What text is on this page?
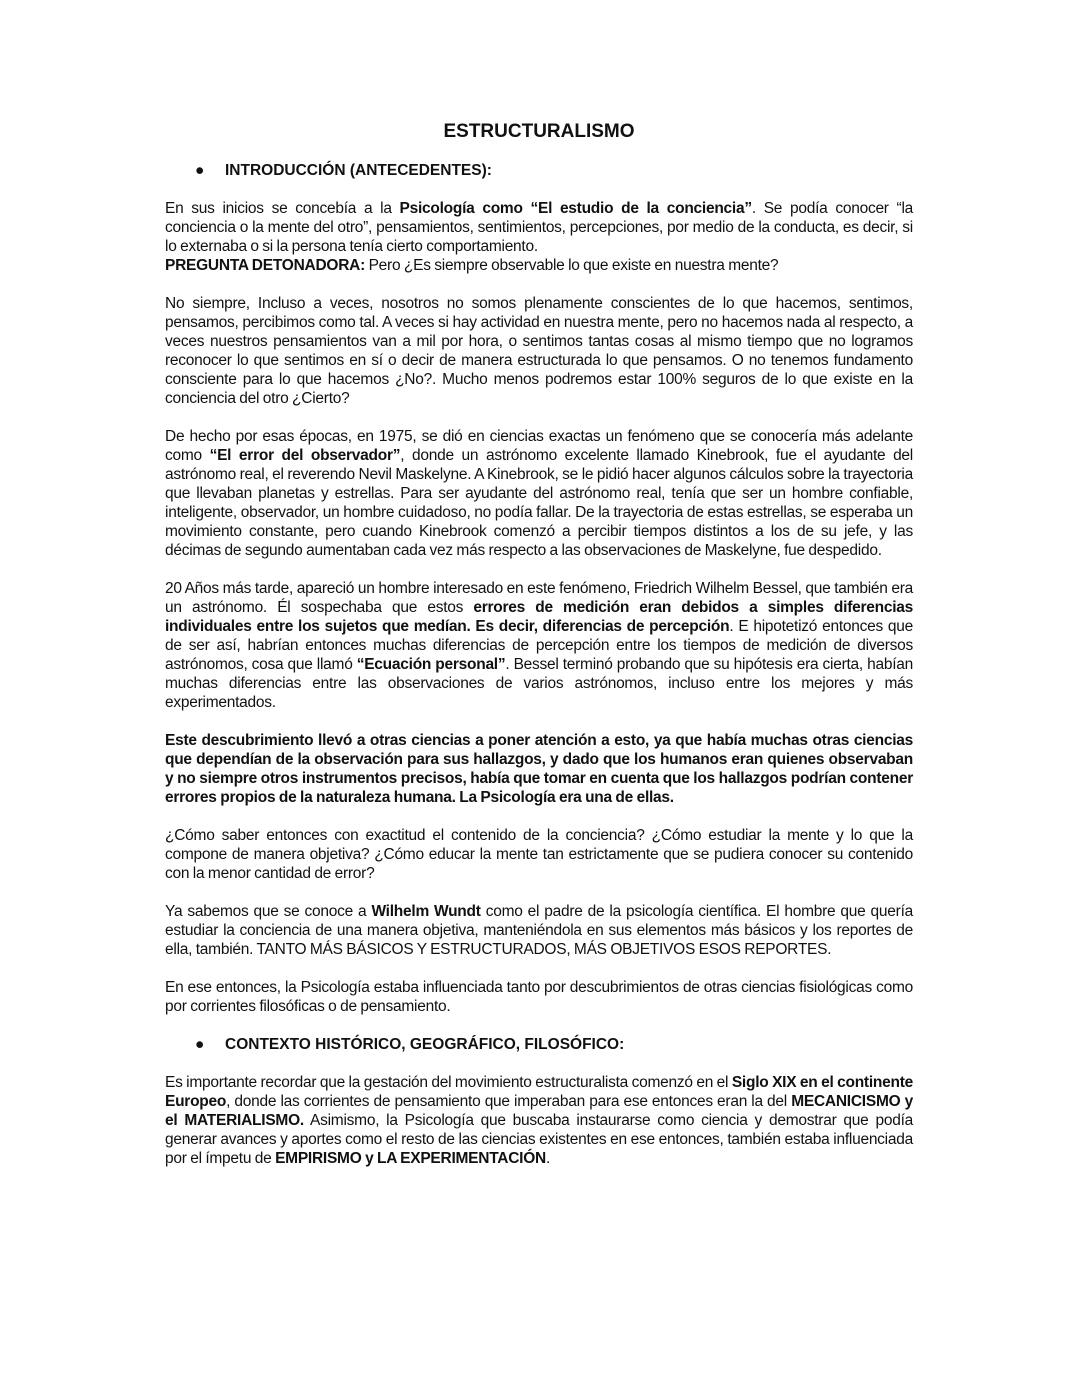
ESTRUCTURALISMO
● INTRODUCCIÓN (ANTECEDENTES):

En sus inicios se concebía a la Psicología como “El estudio de la conciencia”. Se podía conocer “la conciencia o la mente del otro”, pensamientos, sentimientos, percepciones, por medio de la conducta, es decir, si lo externaba o si la persona tenía cierto comportamiento.

PREGUNTA DETONADORA: Pero ¿Es siempre observable lo que existe en nuestra mente?

No siempre, Incluso a veces, nosotros no somos plenamente conscientes de lo que hacemos, sentimos, pensamos, percibimos como tal. A veces si hay actividad en nuestra mente, pero no hacemos nada al respecto, a veces nuestros pensamientos van a mil por hora, o sentimos tantas cosas al mismo tiempo que no logramos reconocer lo que sentimos en sí o decir de manera estructurada lo que pensamos. O no tenemos fundamento consciente para lo que hacemos ¿No?. Mucho menos podremos estar 100% seguros de lo que existe en la conciencia del otro ¿Cierto?

De hecho por esas épocas, en 1975, se dió en ciencias exactas un fenómeno que se conocería más adelante como “El error del observador”, donde un astrónomo excelente llamado Kinebrook, fue el ayudante del astrónomo real, el reverendo Nevil Maskelyne. A Kinebrook, se le pidió hacer algunos cálculos sobre la trayectoria que llevaban planetas y estrellas. Para ser ayudante del astrónomo real, tenía que ser un hombre confiable, inteligente, observador, un hombre cuidadoso, no podía fallar. De la trayectoria de estas estrellas, se esperaba un movimiento constante, pero cuando Kinebrook comenzó a percibir tiempos distintos a los de su jefe, y las décimas de segundo aumentaban cada vez más respecto a las observaciones de Maskelyne, fue despedido.

20 Años más tarde, apareció un hombre interesado en este fenómeno, Friedrich Wilhelm Bessel, que también era un astrónomo. Él sospechaba que estos errores de medición eran debidos a simples diferencias individuales entre los sujetos que medían. Es decir, diferencias de percepción. E hipotetizó entonces que de ser así, habrían entonces muchas diferencias de percepción entre los tiempos de medición de diversos astrónomos, cosa que llamó “Ecuación personal”. Bessel terminó probando que su hipótesis era cierta, habían muchas diferencias entre las observaciones de varios astrónomos, incluso entre los mejores y más experimentados.

Este descubrimiento llevó a otras ciencias a poner atención a esto, ya que había muchas otras ciencias que dependían de la observación para sus hallazgos, y dado que los humanos eran quienes observaban y no siempre otros instrumentos precisos, había que tomar en cuenta que los hallazgos podrían contener errores propios de la naturaleza humana. La Psicología era una de ellas.

¿Cómo saber entonces con exactitud el contenido de la conciencia? ¿Cómo estudiar la mente y lo que la compone de manera objetiva? ¿Cómo educar la mente tan estrictamente que se pudiera conocer su contenido con la menor cantidad de error?

Ya sabemos que se conoce a Wilhelm Wundt como el padre de la psicología científica. El hombre que quería estudiar la conciencia de una manera objetiva, manteniéndola en sus elementos más básicos y los reportes de ella, también. TANTO MÁS BÁSICOS Y ESTRUCTURADOS, MÁS OBJETIVOS ESOS REPORTES.

En ese entonces, la Psicología estaba influenciada tanto por descubrimientos de otras ciencias fisiológicas como por corrientes filosóficas o de pensamiento.

● CONTEXTO HISTÓRICO, GEOGRÁFICO, FILOSÓFICO:

Es importante recordar que la gestación del movimiento estructuralista comenzó en el Siglo XIX en el continente Europeo, donde las corrientes de pensamiento que imperaban para ese entonces eran la del MECANICISMO y el MATERIALISMO. Asimismo, la Psicología que buscaba instaurarse como ciencia y demostrar que podía generar avances y aportes como el resto de las ciencias existentes en ese entonces, también estaba influenciada por el ímpetu de EMPIRISMO y LA EXPERIMENTACIÓN.
